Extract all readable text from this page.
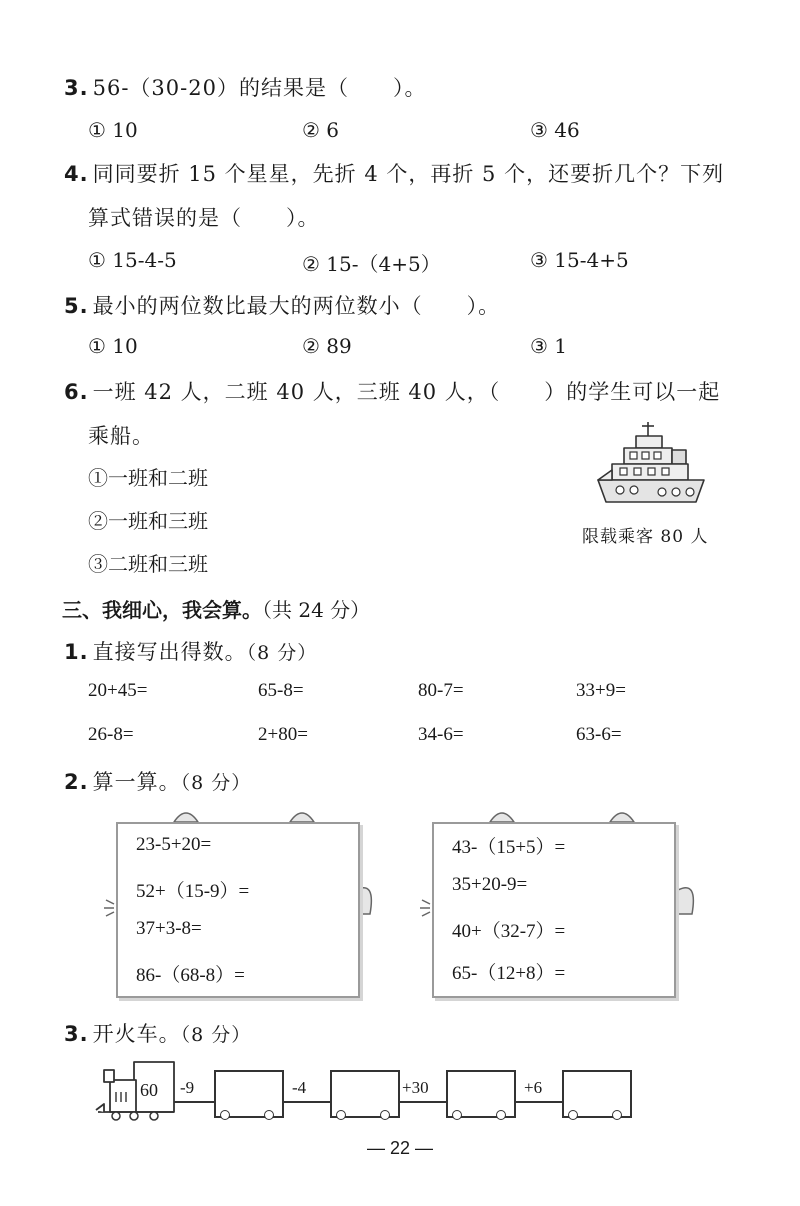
3. 56-（30-20）的结果是（　　）。
① 10	② 6	③ 46
4. 同同要折 15 个星星，先折 4 个，再折 5 个，还要折几个？下列
算式错误的是（　　）。
① 15-4-5	② 15-（4+5）	③ 15-4+5
5. 最小的两位数比最大的两位数小（　　）。
① 10	② 89	③ 1
6. 一班 42 人，二班 40 人，三班 40 人，（　　）的学生可以一起
乘船。
①一班和二班
②一班和三班
③二班和三班
限载乘客 80 人
三、我细心，我会算。（共 24 分）
1. 直接写出得数。（8 分）
20+45=	65-8=	80-7=	33+9=
26-8=	2+80=	34-6=	63-6=
2. 算一算。（8 分）
23-5+20=
52+（15-9）=
37+3-8=
86-（68-8）=
43-（15+5）=
35+20-9=
40+（32-7）=
65-（12+8）=
3. 开火车。（8 分）
60 -9	-4	+30	+6
— 22 —
